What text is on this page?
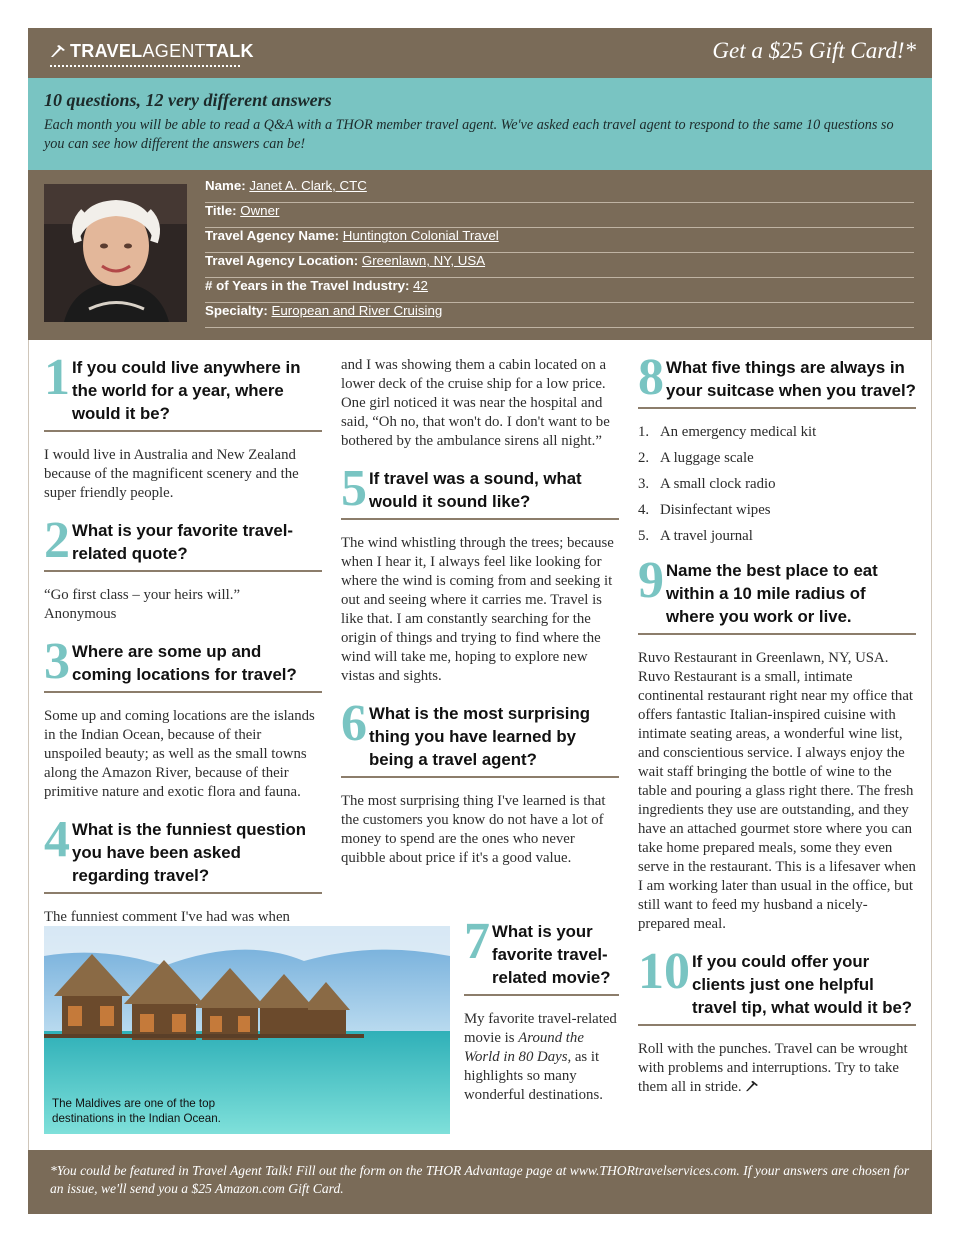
TRAVELAGENTTALK	Get a $25 Gift Card!*
10 questions, 12 very different answers

Each month you will be able to read a Q&A with a THOR member travel agent. We've asked each travel agent to respond to the same 10 questions so you can see how different the answers can be!

Name: Janet A. Clark, CTC
Title: Owner
Travel Agency Name: Huntington Colonial Travel
Travel Agency Location: Greenlawn, NY, USA
# of Years in the Travel Industry: 42
Specialty: European and River Cruising
1 If you could live anywhere in the world for a year, where would it be?
I would live in Australia and New Zealand because of the magnificent scenery and the super friendly people.
2 What is your favorite travel-related quote?
“Go first class – your heirs will.”
Anonymous
3 Where are some up and coming locations for travel?
Some up and coming locations are the islands in the Indian Ocean, because of their unspoiled beauty; as well as the small towns along the Amazon River, because of their primitive nature and exotic flora and fauna.
4 What is the funniest question you have been asked regarding travel?
The funniest comment I've had was when
The Maldives are one of the top destinations in the Indian Ocean.
and I was showing them a cabin located on a lower deck of the cruise ship for a low price. One girl noticed it was near the hospital and said, “Oh no, that won't do. I don't want to be bothered by the ambulance sirens all night.”
5 If travel was a sound, what would it sound like?
The wind whistling through the trees; because when I hear it, I always feel like looking for where the wind is coming from and seeking it out and seeing where it carries me. Travel is like that. I am constantly searching for the origin of things and trying to find where the wind will take me, hoping to explore new vistas and sights.
6 What is the most surprising thing you have learned by being a travel agent?
The most surprising thing I've learned is that the customers you know do not have a lot of money to spend are the ones who never quibble about price if it's a good value.
7 What is your favorite travel-related movie?
My favorite travel-related movie is Around the World in 80 Days, as it highlights so many wonderful destinations.
8 What five things are always in your suitcase when you travel?
1. An emergency medical kit
2. A luggage scale
3. A small clock radio
4. Disinfectant wipes
5. A travel journal
9 Name the best place to eat within a 10 mile radius of where you work or live.
Ruvo Restaurant in Greenlawn, NY, USA. Ruvo Restaurant is a small, intimate continental restaurant right near my office that offers fantastic Italian-inspired cuisine with intimate seating areas, a wonderful wine list, and conscientious service. I always enjoy the wait staff bringing the bottle of wine to the table and pouring a glass right there. The fresh ingredients they use are outstanding, and they have an attached gourmet store where you can take home prepared meals, some they even serve in the restaurant. This is a lifesaver when I am working later than usual in the office, but still want to feed my husband a nicely-prepared meal.
10 If you could offer your clients just one helpful travel tip, what would it be?
Roll with the punches. Travel can be wrought with problems and interruptions. Try to take them all in stride.

*You could be featured in Travel Agent Talk! Fill out the form on the THOR Advantage page at www.THORtravelservices.com. If your answers are chosen for an issue, we'll send you a $25 Amazon.com Gift Card.
